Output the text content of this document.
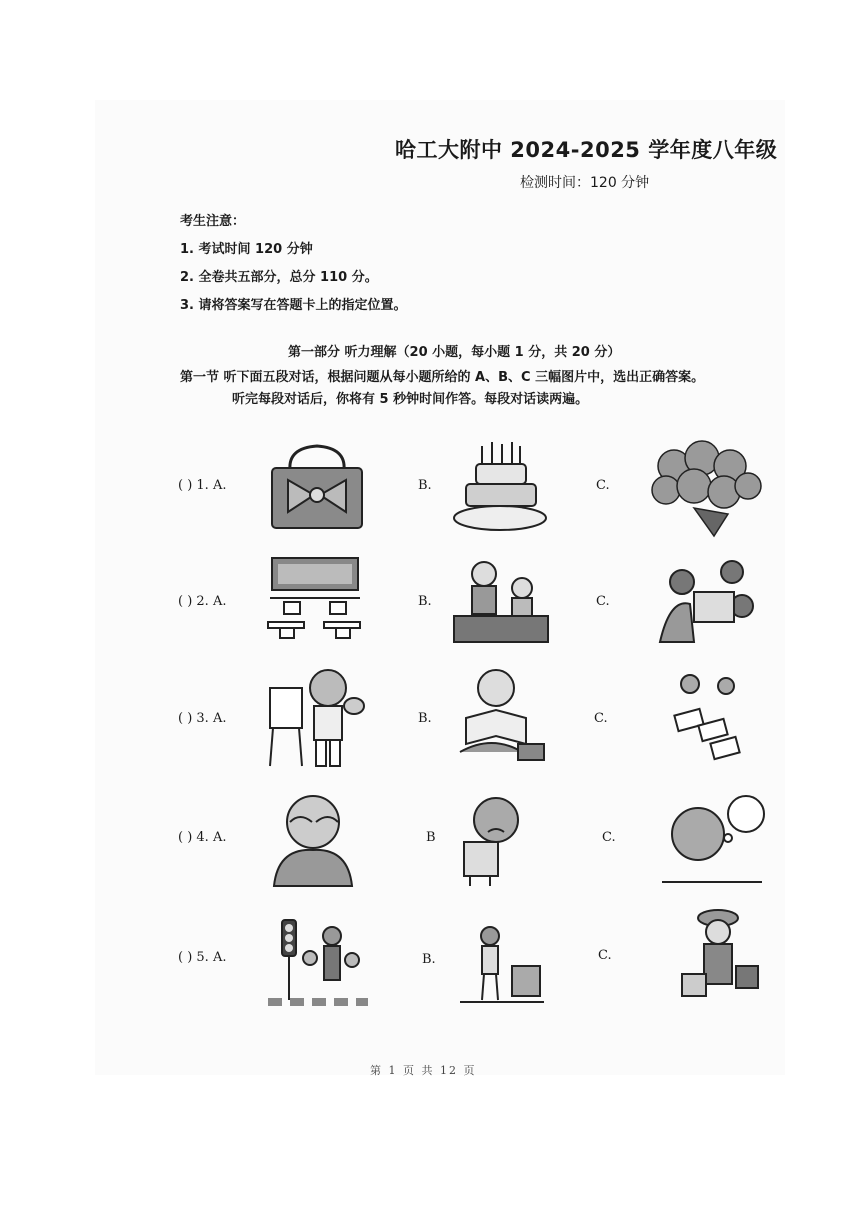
哈工大附中 2024-2025 学年度八年级
检测时间：120 分钟
考生注意：
1. 考试时间 120 分钟
2. 全卷共五部分，总分 110 分。
3. 请将答案写在答题卡上的指定位置。
第一部分 听力理解（20 小题，每小题 1 分，共 20 分）
第一节 听下面五段对话，根据问题从每小题所给的 A、B、C 三幅图片中，选出正确答案。
听完每段对话后，你将有 5 秒钟时间作答。每段对话读两遍。
( ) 1. A.	B.	C.
( ) 2. A.	B.	C.
( ) 3. A.	B.	C.
( ) 4. A.	B	C.
( ) 5. A.	B.	C.
第 1 页 共 12 页
